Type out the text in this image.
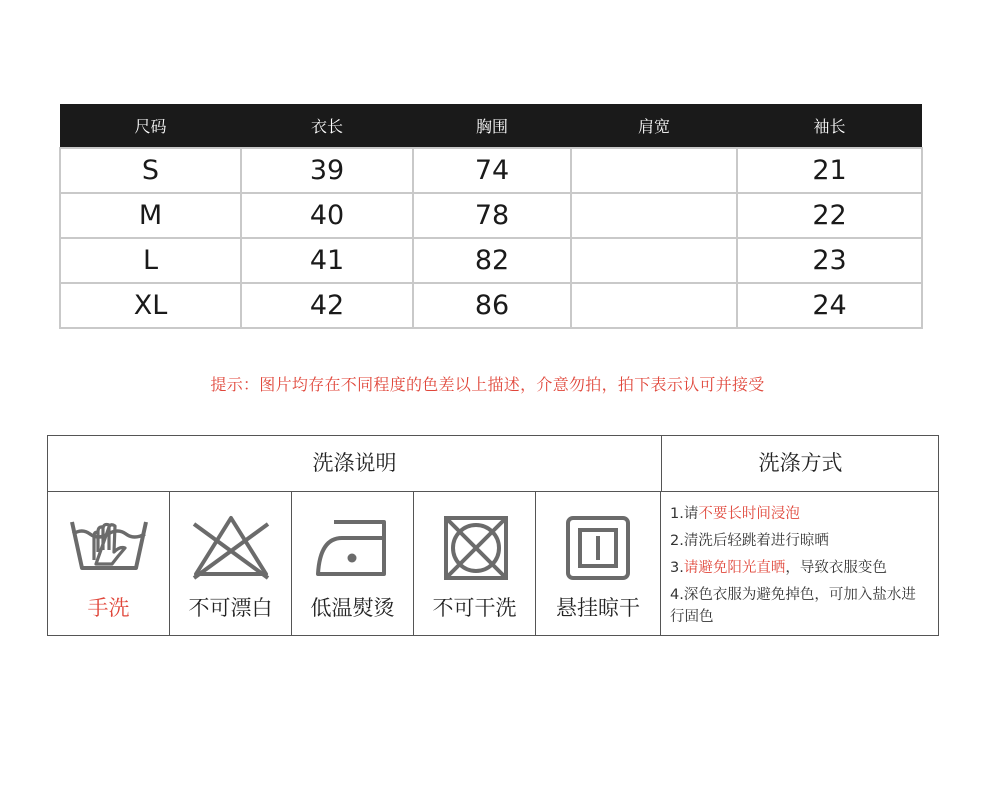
尺码	衣长	胸围	肩宽	袖长
S	39	74		21
M	40	78		22
L	41	82		23
XL	42	86		24
提示：图片均存在不同程度的色差以上描述，介意勿拍，拍下表示认可并接受
洗涤说明	洗涤方式
手洗	不可漂白	低温熨烫	不可干洗	悬挂晾干
1.请不要长时间浸泡
2.清洗后轻跳着进行晾晒
3.请避免阳光直晒，导致衣服变色
4.深色衣服为避免掉色，可加入盐水进行固色
